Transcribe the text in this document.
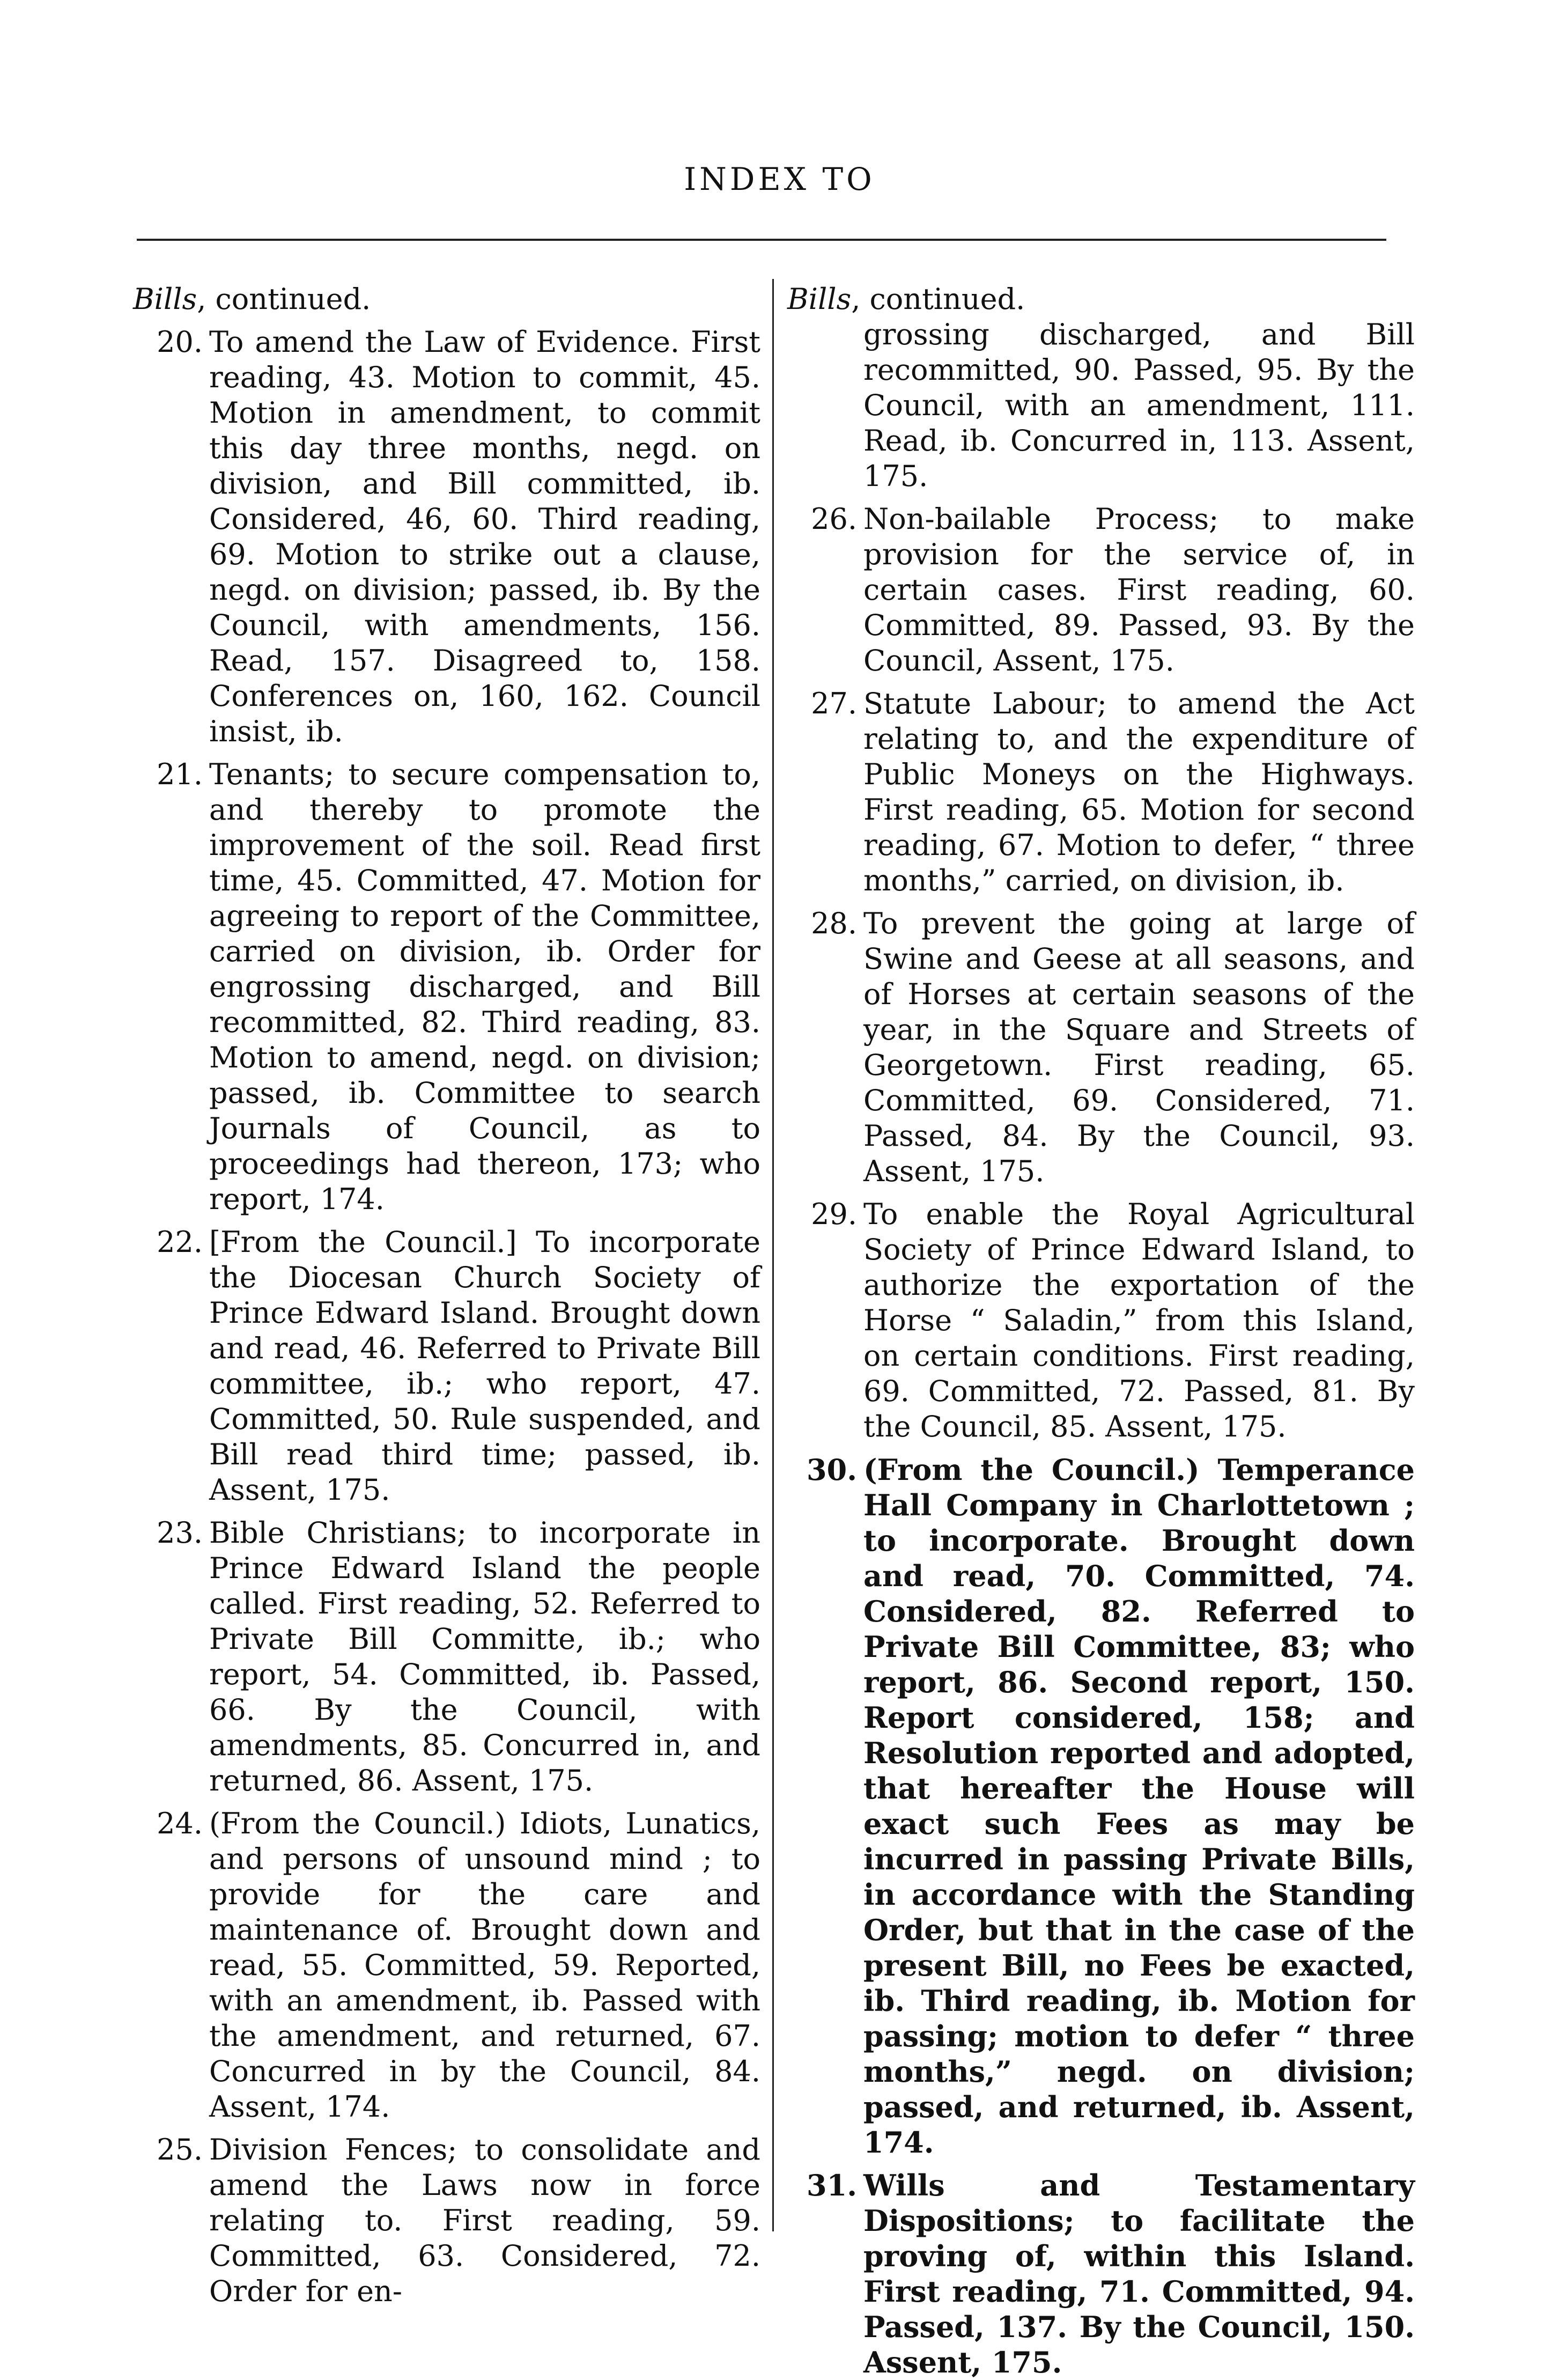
INDEX TO
Bills, continued.
20. To amend the Law of Evidence. First reading, 43. Motion to commit, 45. Motion in amendment, to commit this day three months, negd. on division, and Bill committed, ib. Considered, 46, 60. Third reading, 69. Motion to strike out a clause, negd. on division; passed, ib. By the Council, with amendments, 156. Read, 157. Disagreed to, 158. Conferences on, 160, 162. Council insist, ib.
21. Tenants; to secure compensation to, and thereby to promote the improvement of the soil. Read first time, 45. Committed, 47. Motion for agreeing to report of the Committee, carried on division, ib. Order for engrossing discharged, and Bill recommitted, 82. Third reading, 83. Motion to amend, negd. on division; passed, ib. Committee to search Journals of Council, as to proceedings had thereon, 173; who report, 174.
22. [From the Council.] To incorporate the Diocesan Church Society of Prince Edward Island. Brought down and read, 46. Referred to Private Bill committee, ib.; who report, 47. Committed, 50. Rule suspended, and Bill read third time; passed, ib. Assent, 175.
23. Bible Christians; to incorporate in Prince Edward Island the people called. First reading, 52. Referred to Private Bill Committe, ib.; who report, 54. Committed, ib. Passed, 66. By the Council, with amendments, 85. Concurred in, and returned, 86. Assent, 175.
24. (From the Council.) Idiots, Lunatics, and persons of unsound mind ; to provide for the care and maintenance of. Brought down and read, 55. Committed, 59. Reported, with an amendment, ib. Passed with the amendment, and returned, 67. Concurred in by the Council, 84. Assent, 174.
25. Division Fences; to consolidate and amend the Laws now in force relating to. First reading, 59. Committed, 63. Considered, 72. Order for en-
Bills, continued.
grossing discharged, and Bill recommitted, 90. Passed, 95. By the Council, with an amendment, 111. Read, ib. Concurred in, 113. Assent, 175.
26. Non-bailable Process; to make provision for the service of, in certain cases. First reading, 60. Committed, 89. Passed, 93. By the Council, Assent, 175.
27. Statute Labour; to amend the Act relating to, and the expenditure of Public Moneys on the Highways. First reading, 65. Motion for second reading, 67. Motion to defer, “ three months,” carried, on division, ib.
28. To prevent the going at large of Swine and Geese at all seasons, and of Horses at certain seasons of the year, in the Square and Streets of Georgetown. First reading, 65. Committed, 69. Considered, 71. Passed, 84. By the Council, 93. Assent, 175.
29. To enable the Royal Agricultural Society of Prince Edward Island, to authorize the exportation of the Horse “ Saladin,” from this Island, on certain conditions. First reading, 69. Committed, 72. Passed, 81. By the Council, 85. Assent, 175.
30. (From the Council.) Temperance Hall Company in Charlottetown ; to incorporate. Brought down and read, 70. Committed, 74. Considered, 82. Referred to Private Bill Committee, 83; who report, 86. Second report, 150. Report considered, 158; and Resolution reported and adopted, that hereafter the House will exact such Fees as may be incurred in passing Private Bills, in accordance with the Standing Order, but that in the case of the present Bill, no Fees be exacted, ib. Third reading, ib. Motion for passing; motion to defer “ three months,” negd. on division; passed, and returned, ib. Assent, 174.
31. Wills and Testamentary Dispositions; to facilitate the proving of, within this Island. First reading, 71. Committed, 94. Passed, 137. By the Council, 150. Assent, 175.
